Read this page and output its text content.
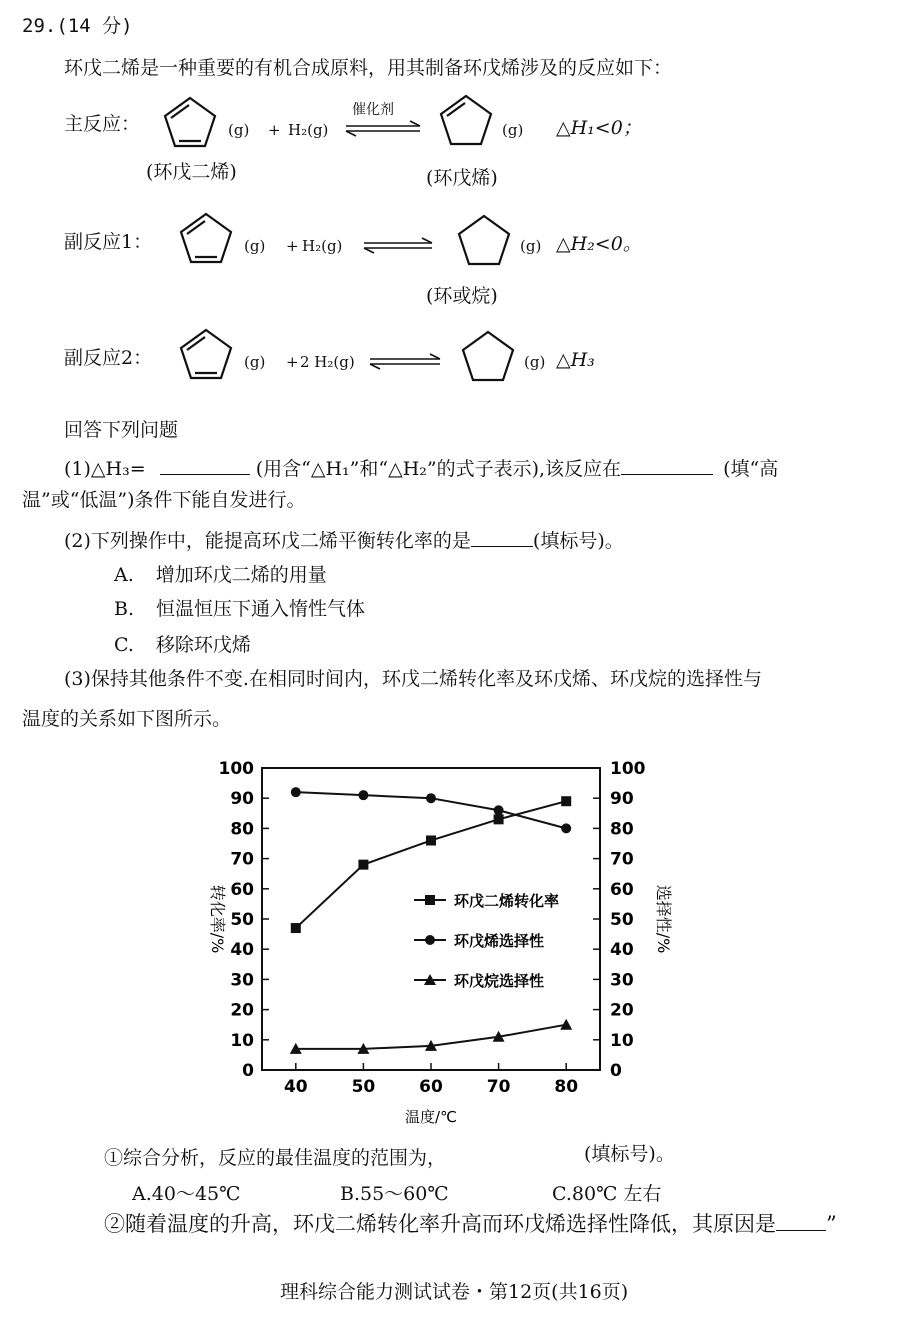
29.(14 分)
环戊二烯是一种重要的有机合成原料，用其制备环戊烯涉及的反应如下：
主反应：	(g) + H₂(g)
催化剂
(g) △H₁<0；
(环戊二烯)	(环戊烯)
副反应1：	(g) + H₂(g)	(g) △H₂<0。
(环或烷)
副反应2：	(g) + 2 H₂(g)	(g) △H₃
回答下列问题
(1)△H₃=	(用含“△H₁”和“△H₂”的式子表示),该反应在	(填“高
温”或“低温”)条件下能自发进行。
(2)下列操作中，能提高环戊二烯平衡转化率的是	(填标号)。
A. 增加环戊二烯的用量
B. 恒温恒压下通入惰性气体
C. 移除环戊烯
(3)保持其他条件不变.在相同时间内，环戊二烯转化率及环戊烯、环戊烷的选择性与
温度的关系如下图所示。
0	0
10	10
20	20
30	30
40	40
50	50
60	60
70	70
80	80
90	90
100	100
40	50	60	70	80
温度/℃
转化率/%	选择性/%
环戊二烯转化率
环戊烯选择性
环戊烷选择性
①综合分析，反应的最佳温度的范围为，	(填标号)。
A.40～45℃	B.55～60℃	C.80℃ 左右
②随着温度的升高，环戊二烯转化率升高而环戊烯选择性降低，其原因是 ”
理科综合能力测试试卷・第12页(共16页)
